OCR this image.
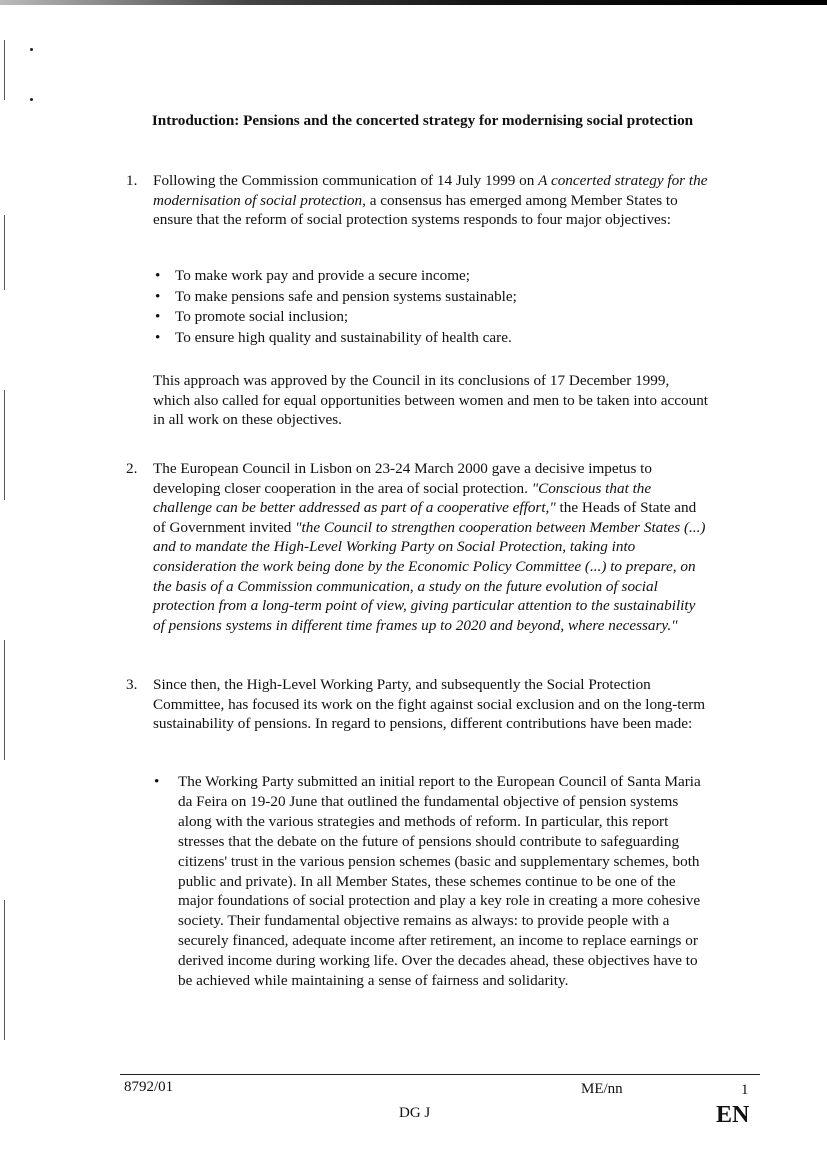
Introduction: Pensions and the concerted strategy for modernising social protection
1. Following the Commission communication of 14 July 1999 on A concerted strategy for the modernisation of social protection, a consensus has emerged among Member States to ensure that the reform of social protection systems responds to four major objectives:
• To make work pay and provide a secure income;
• To make pensions safe and pension systems sustainable;
• To promote social inclusion;
• To ensure high quality and sustainability of health care.
This approach was approved by the Council in its conclusions of 17 December 1999, which also called for equal opportunities between women and men to be taken into account in all work on these objectives.
2. The European Council in Lisbon on 23-24 March 2000 gave a decisive impetus to developing closer cooperation in the area of social protection. "Conscious that the challenge can be better addressed as part of a cooperative effort," the Heads of State and of Government invited "the Council to strengthen cooperation between Member States (...) and to mandate the High-Level Working Party on Social Protection, taking into consideration the work being done by the Economic Policy Committee (...) to prepare, on the basis of a Commission communication, a study on the future evolution of social protection from a long-term point of view, giving particular attention to the sustainability of pensions systems in different time frames up to 2020 and beyond, where necessary."
3. Since then, the High-Level Working Party, and subsequently the Social Protection Committee, has focused its work on the fight against social exclusion and on the long-term sustainability of pensions. In regard to pensions, different contributions have been made:
• The Working Party submitted an initial report to the European Council of Santa Maria da Feira on 19-20 June that outlined the fundamental objective of pension systems along with the various strategies and methods of reform. In particular, this report stresses that the debate on the future of pensions should contribute to safeguarding citizens' trust in the various pension schemes (basic and supplementary schemes, both public and private). In all Member States, these schemes continue to be one of the major foundations of social protection and play a key role in creating a more cohesive society. Their fundamental objective remains as always: to provide people with a securely financed, adequate income after retirement, an income to replace earnings or derived income during working life. Over the decades ahead, these objectives have to be achieved while maintaining a sense of fairness and solidarity.
8792/01	ME/nn	1
DG J	EN
